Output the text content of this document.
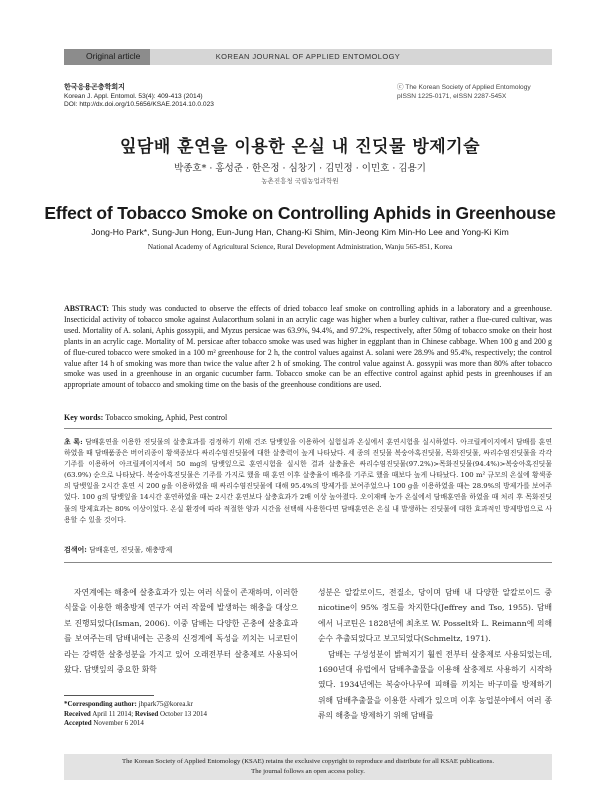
Original article	KOREAN JOURNAL OF APPLIED ENTOMOLOGY
한국응용곤충학회지
Korean J. Appl. Entomol. 53(4): 409-413 (2014)
DOI: http://dx.doi.org/10.5656/KSAE.2014.10.0.023
ⓒ The Korean Society of Applied Entomology
pISSN 1225-0171, eISSN 2287-545X
잎담배 훈연을 이용한 온실 내 진딧물 방제기술
박종호* · 홍성준 · 한은정 · 심창기 · 김민정 · 이민호 · 김용기
농촌진흥청 국립농업과학원
Effect of Tobacco Smoke on Controlling Aphids in Greenhouse
Jong-Ho Park*, Sung-Jun Hong, Eun-Jung Han, Chang-Ki Shim, Min-Jeong Kim Min-Ho Lee and Yong-Ki Kim
National Academy of Agricultural Science, Rural Development Administration, Wanju 565-851, Korea
ABSTRACT: This study was conducted to observe the effects of dried tobacco leaf smoke on controlling aphids in a laboratory and a greenhouse. Insecticidal activity of tobacco smoke against Aulacorthum solani in an acrylic cage was higher when a burley cultivar, rather a flue-cured cultivar, was used. Mortality of A. solani, Aphis gossypii, and Myzus persicae was 63.9%, 94.4%, and 97.2%, respectively, after 50mg of tobacco smoke on their host plants in an acrylic cage. Mortality of M. persicae after tobacco smoke was used was higher in eggplant than in Chinese cabbage. When 100 g and 200 g of flue-cured tobacco were smoked in a 100 m² greenhouse for 2 h, the control values against A. solani were 28.9% and 95.4%, respectively; the control value after 14 h of smoking was more than twice the value after 2 h of smoking. The control value against A. gossypii was more than 80% after tobacco smoke was used in a greenhouse in an organic cucumber farm. Tobacco smoke can be an effective control against aphid pests in greenhouses if an appropriate amount of tobacco and smoking time on the basis of the greenhouse conditions are used.
Key words: Tobacco smoking, Aphid, Pest control
초 록: 담배훈연을 이용한 진딧물의 살충효과를 검정하기 위해 건조 담뱃잎을 이용하여 실험실과 온실에서 훈연시험을 실시하였다. 아크릴케이지에서 담배를 훈연하였을 때 담배품종은 버어리종이 황색종보다 싸리수염진딧물에 대한 살충력이 높게 나타났다. 세 종의 진딧물 복숭아혹진딧물, 목화진딧물, 싸리수염진딧물을 각각 기주를 이용하여 아크릴케이지에서 50 mg의 담뱃잎으로 훈연시험을 실시한 결과 살충율은 싸리수염진딧물(97.2%)>목화진딧물(94.4%)>복숭아혹진딧물(63.9%) 순으로 나타났다. 복숭아혹진딧물은 기주를 가지로 했을 때 훈연 이후 살충율이 배추를 기주로 했을 때보다 높게 나타났다. 100 m² 규모의 온실에 황색종의 담뱃잎을 2시간 훈연 시 200 g을 이용하였을 때 싸리수염진딧물에 대해 95.4%의 방제가를 보여주었으나 100 g을 이용하였을 때는 28.9%의 방제가를 보여주었다. 100 g의 담뱃잎을 14시간 훈연하였을 때는 2시간 훈연보다 살충효과가 2배 이상 높아졌다. 오이재배 농가 온실에서 담배훈연을 하였을 때 처리 후 목화진딧물의 방제효과는 80% 이상이었다. 온실 환경에 따라 적절한 양과 시간을 선택해 사용한다면 담배훈연은 온실 내 발생하는 진딧물에 대한 효과적인 방제방법으로 사용할 수 있을 것이다.
검색어: 담배훈연, 진딧물, 해충방제

자연계에는 해충에 살충효과가 있는 여러 식물이 존재하며, 이러한 식물을 이용한 해충방제 연구가 여러 작물에 발생하는 해충을 대상으로 진행되었다(Isman, 2006). 이중 담배는 다양한 곤충에 살충효과를 보여주는데 담배내에는 곤충의 신경계에 독성을 끼치는 니코틴이라는 강력한 살충성분을 가지고 있어 오래전부터 살충제로 사용되어 왔다. 담뱃잎의 중요한 화학

성분은 알칼로이드, 전질소, 당이며 담배 내 다양한 알칼로이드 중 nicotine이 95% 정도를 차지한다(Jeffrey and Tso, 1955). 담배에서 니코틴은 1828년에 최초로 W. Posselt와 L. Reimann에 의해 순수 추출되었다고 보고되었다(Schmeltz, 1971).

담배는 구성성분이 밝혀지기 훨씬 전부터 살충제로 사용되었는데, 1690년대 유럽에서 담배추출물을 이용해 살충제로 사용하기 시작하였다. 1934년에는 복숭아나무에 피해를 끼치는 바구미를 방제하기 위해 담배추출물을 이용한 사례가 있으며 이후 농업분야에서 여러 종류의 해충을 방제하기 위해 담배를

*Corresponding author: jhpark75@korea.kr
Received April 11 2014; Revised October 13 2014
Accepted November 6 2014
The Korean Society of Applied Entomology (KSAE) retains the exclusive copyright to reproduce and distribute for all KSAE publications.
The journal follows an open access policy.
